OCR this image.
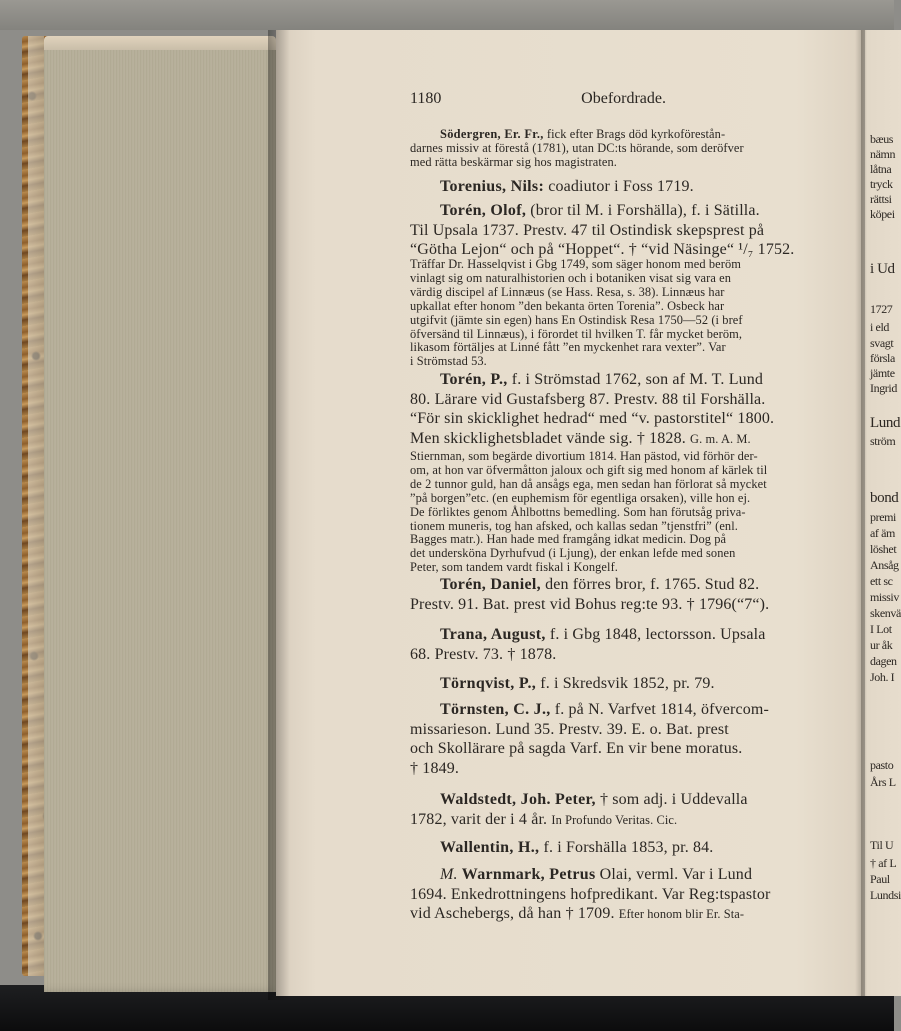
bæus
nämn
låtna
tryck
rättsi
köpei
i Ud
1727
i eld
svagt
försla
jämte
Ingrid
Lund
ström
bond
premi
af äm
löshet
Ansåg
ett sc
missiv
skenvä
I Lot
ur åk
dagen
Joh. I
pasto
Års L
Til U
† af L
Paul
Lundsi
1180	Obefordrade.
Södergren, Er. Fr., fick efter Brags död kyrkoförestån-
darnes missiv at förestå (1781), utan DC:ts hörande, som deröfver
med rätta beskärmar sig hos magistraten.
Torenius, Nils: coadiutor i Foss 1719.
Torén, Olof, (bror til M. i Forshälla), f. i Sätilla.
Til Upsala 1737. Prestv. 47 til Ostindisk skepsprest på
“Götha Lejon“ och på “Hoppet“. † “vid Näsinge“ ¹/₇ 1752.
Träffar Dr. Hasselqvist i Gbg 1749, som säger honom med beröm
vinlagt sig om naturalhistorien och i botaniken visat sig vara en
värdig discipel af Linnæus (se Hass. Resa, s. 38). Linnæus har
upkallat efter honom ”den bekanta örten Torenia”. Osbeck har
utgifvit (jämte sin egen) hans En Ostindisk Resa 1750—52 (i bref
öfversänd til Linnæus), i förordet til hvilken T. får mycket beröm,
likasom förtäljes at Linné fått ”en myckenhet rara vexter”. Var
i Strömstad 53.
Torén, P., f. i Strömstad 1762, son af M. T. Lund
80. Lärare vid Gustafsberg 87. Prestv. 88 til Forshälla.
“För sin skicklighet hedrad“ med “v. pastorstitel“ 1800.
Men skicklighetsbladet vände sig. † 1828. G. m. A. M.
Stiernman, som begärde divortium 1814. Han pästod, vid förhör der-
om, at hon var öfvermåtton jaloux och gift sig med honom af kärlek til
de 2 tunnor guld, han då ansågs ega, men sedan han förlorat så mycket
”på borgen”etc. (en euphemism för egentliga orsaken), ville hon ej.
De förliktes genom Åhlbottns bemedling. Som han förutsåg priva-
tionem muneris, tog han afsked, och kallas sedan ”tjenstfri” (enl.
Bagges matr.). Han hade med framgång idkat medicin. Dog på
det undersköna Dyrhufvud (i Ljung), der enkan lefde med sonen
Peter, som tandem vardt fiskal i Kongelf.
Torén, Daniel, den förres bror, f. 1765. Stud 82.
Prestv. 91. Bat. prest vid Bohus reg:te 93. † 1796(“7“).
Trana, August, f. i Gbg 1848, lectorsson. Upsala
68. Prestv. 73. † 1878.
Törnqvist, P., f. i Skredsvik 1852, pr. 79.
Törnsten, C. J., f. på N. Varfvet 1814, öfvercom-
missarieson. Lund 35. Prestv. 39. E. o. Bat. prest
och Skollärare på sagda Varf. En vir bene moratus.
† 1849.
Waldstedt, Joh. Peter, † som adj. i Uddevalla
1782, varit der i 4 år. In Profundo Veritas. Cic.
Wallentin, H., f. i Forshälla 1853, pr. 84.
M. Warnmark, Petrus Olai, verml. Var i Lund
1694. Enkedrottningens hofpredikant. Var Reg:tspastor
vid Aschebergs, då han † 1709. Efter honom blir Er. Sta-
